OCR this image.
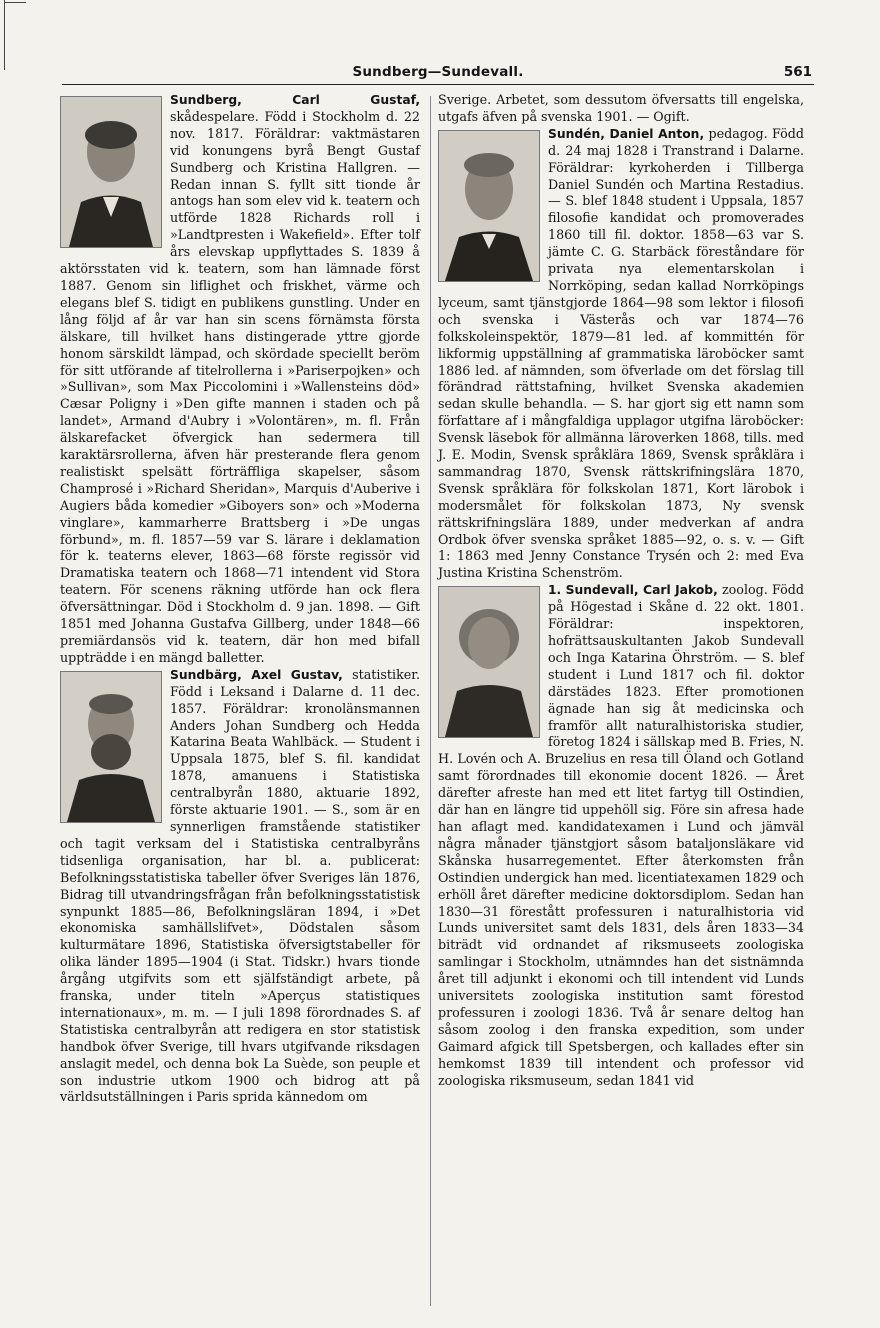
Sundberg—Sundevall.	561

Sundberg, Carl Gustaf, skådespelare. Född i Stockholm d. 22 nov. 1817. Föräldrar: vaktmästaren vid konungens byrå Bengt Gustaf Sundberg och Kristina Hallgren. — Redan innan S. fyllt sitt tionde år antogs han som elev vid k. teatern och utförde 1828 Richards roll i »Landtpresten i Wakefield». Efter tolf års elevskap uppflyttades S. 1839 å aktörsstaten vid k. teatern, som han lämnade först 1887. Genom sin liflighet och friskhet, värme och elegans blef S. tidigt en publikens gunstling. Under en lång följd af år var han sin scens förnämsta första älskare, till hvilket hans distingerade yttre gjorde honom särskildt lämpad, och skördade speciellt beröm för sitt utförande af titelrollerna i »Pariserpojken» och »Sullivan», som Max Piccolomini i »Wallensteins död» Cæsar Poligny i »Den gifte mannen i staden och på landet», Armand d'Aubry i »Volontären», m. fl. Från älskarefacket öfvergick han sedermera till karaktärsrollerna, äfven här presterande flera genom realistiskt spelsätt förträffliga skapelser, såsom Champrosé i »Richard Sheridan», Marquis d'Auberive i Augiers båda komedier »Giboyers son» och »Moderna vinglare», kammarherre Brattsberg i »De ungas förbund», m. fl. 1857—59 var S. lärare i deklamation för k. teaterns elever, 1863—68 förste regissör vid Dramatiska teatern och 1868—71 intendent vid Stora teatern. För scenens räkning utförde han ock flera öfversättningar. Död i Stockholm d. 9 jan. 1898. — Gift 1851 med Johanna Gustafva Gillberg, under 1848—66 premiärdansös vid k. teatern, där hon med bifall uppträdde i en mängd balletter.

Sundbärg, Axel Gustav, statistiker. Född i Leksand i Dalarne d. 11 dec. 1857. Föräldrar: kronolänsmannen Anders Johan Sundberg och Hedda Katarina Beata Wahlbäck. — Student i Uppsala 1875, blef S. fil. kandidat 1878, amanuens i Statistiska centralbyrån 1880, aktuarie 1892, förste aktuarie 1901. — S., som är en synnerligen framstående statistiker och tagit verksam del i Statistiska centralbyråns tidsenliga organisation, har bl. a. publicerat: Befolkningsstatistiska tabeller öfver Sveriges län 1876, Bidrag till utvandringsfrågan från befolkningsstatistisk synpunkt 1885—86, Befolkningsläran 1894, i »Det ekonomiska samhällslifvet», Dödstalen såsom kulturmätare 1896, Statistiska öfversigtstabeller för olika länder 1895—1904 (i Stat. Tidskr.) hvars tionde årgång utgifvits som ett själfständigt arbete, på franska, under titeln »Aperçus statistiques internationaux», m. m. — I juli 1898 förordnades S. af Statistiska centralbyrån att redigera en stor statistisk handbok öfver Sverige, till hvars utgifvande riksdagen anslagit medel, och denna bok La Suède, son peuple et son industrie utkom 1900 och bidrog att på världsutställningen i Paris sprida kännedom om

Sverige. Arbetet, som dessutom öfversatts till engelska, utgafs äfven på svenska 1901. — Ogift.

Sundén, Daniel Anton, pedagog. Född d. 24 maj 1828 i Transtrand i Dalarne. Föräldrar: kyrkoherden i Tillberga Daniel Sundén och Martina Restadius. — S. blef 1848 student i Uppsala, 1857 filosofie kandidat och promoverades 1860 till fil. doktor. 1858—63 var S. jämte C. G. Starbäck föreståndare för privata nya elementarskolan i Norrköping, sedan kallad Norrköpings lyceum, samt tjänstgjorde 1864—98 som lektor i filosofi och svenska i Västerås och var 1874—76 folkskoleinspektör, 1879—81 led. af kommittén för likformig uppställning af grammatiska läroböcker samt 1886 led. af nämnden, som öfverlade om det förslag till förändrad rättstafning, hvilket Svenska akademien sedan skulle behandla. — S. har gjort sig ett namn som författare af i mångfaldiga upplagor utgifna läroböcker: Svensk läsebok för allmänna läroverken 1868, tills. med J. E. Modin, Svensk språklära 1869, Svensk språklära i sammandrag 1870, Svensk rättskrifningslära 1870, Svensk språklära för folkskolan 1871, Kort lärobok i modersmålet för folkskolan 1873, Ny svensk rättskrifningslära 1889, under medverkan af andra Ordbok öfver svenska språket 1885—92, o. s. v. — Gift 1: 1863 med Jenny Constance Trysén och 2: med Eva Justina Kristina Schenström.

1. Sundevall, Carl Jakob, zoolog. Född på Högestad i Skåne d. 22 okt. 1801. Föräldrar: inspektoren, hofrättsauskultanten Jakob Sundevall och Inga Katarina Öhrström. — S. blef student i Lund 1817 och fil. doktor därstädes 1823. Efter promotionen ägnade han sig åt medicinska och framför allt naturalhistoriska studier, företog 1824 i sällskap med B. Fries, N. H. Lovén och A. Bruzelius en resa till Öland och Gotland samt förordnades till ekonomie docent 1826. — Året därefter afreste han med ett litet fartyg till Ostindien, där han en längre tid uppehöll sig. Före sin afresa hade han aflagt med. kandidatexamen i Lund och jämväl några månader tjänstgjort såsom bataljonsläkare vid Skånska husarregementet. Efter återkomsten från Ostindien undergick han med. licentiatexamen 1829 och erhöll året därefter medicine doktorsdiplom. Sedan han 1830—31 förestått professuren i naturalhistoria vid Lunds universitet samt dels 1831, dels åren 1833—34 biträdt vid ordnandet af riksmuseets zoologiska samlingar i Stockholm, utnämndes han det sistnämnda året till adjunkt i ekonomi och till intendent vid Lunds universitets zoologiska institution samt förestod professuren i zoologi 1836. Två år senare deltog han såsom zoolog i den franska expedition, som under Gaimard afgick till Spetsbergen, och kallades efter sin hemkomst 1839 till intendent och professor vid zoologiska riksmuseum, sedan 1841 vid
